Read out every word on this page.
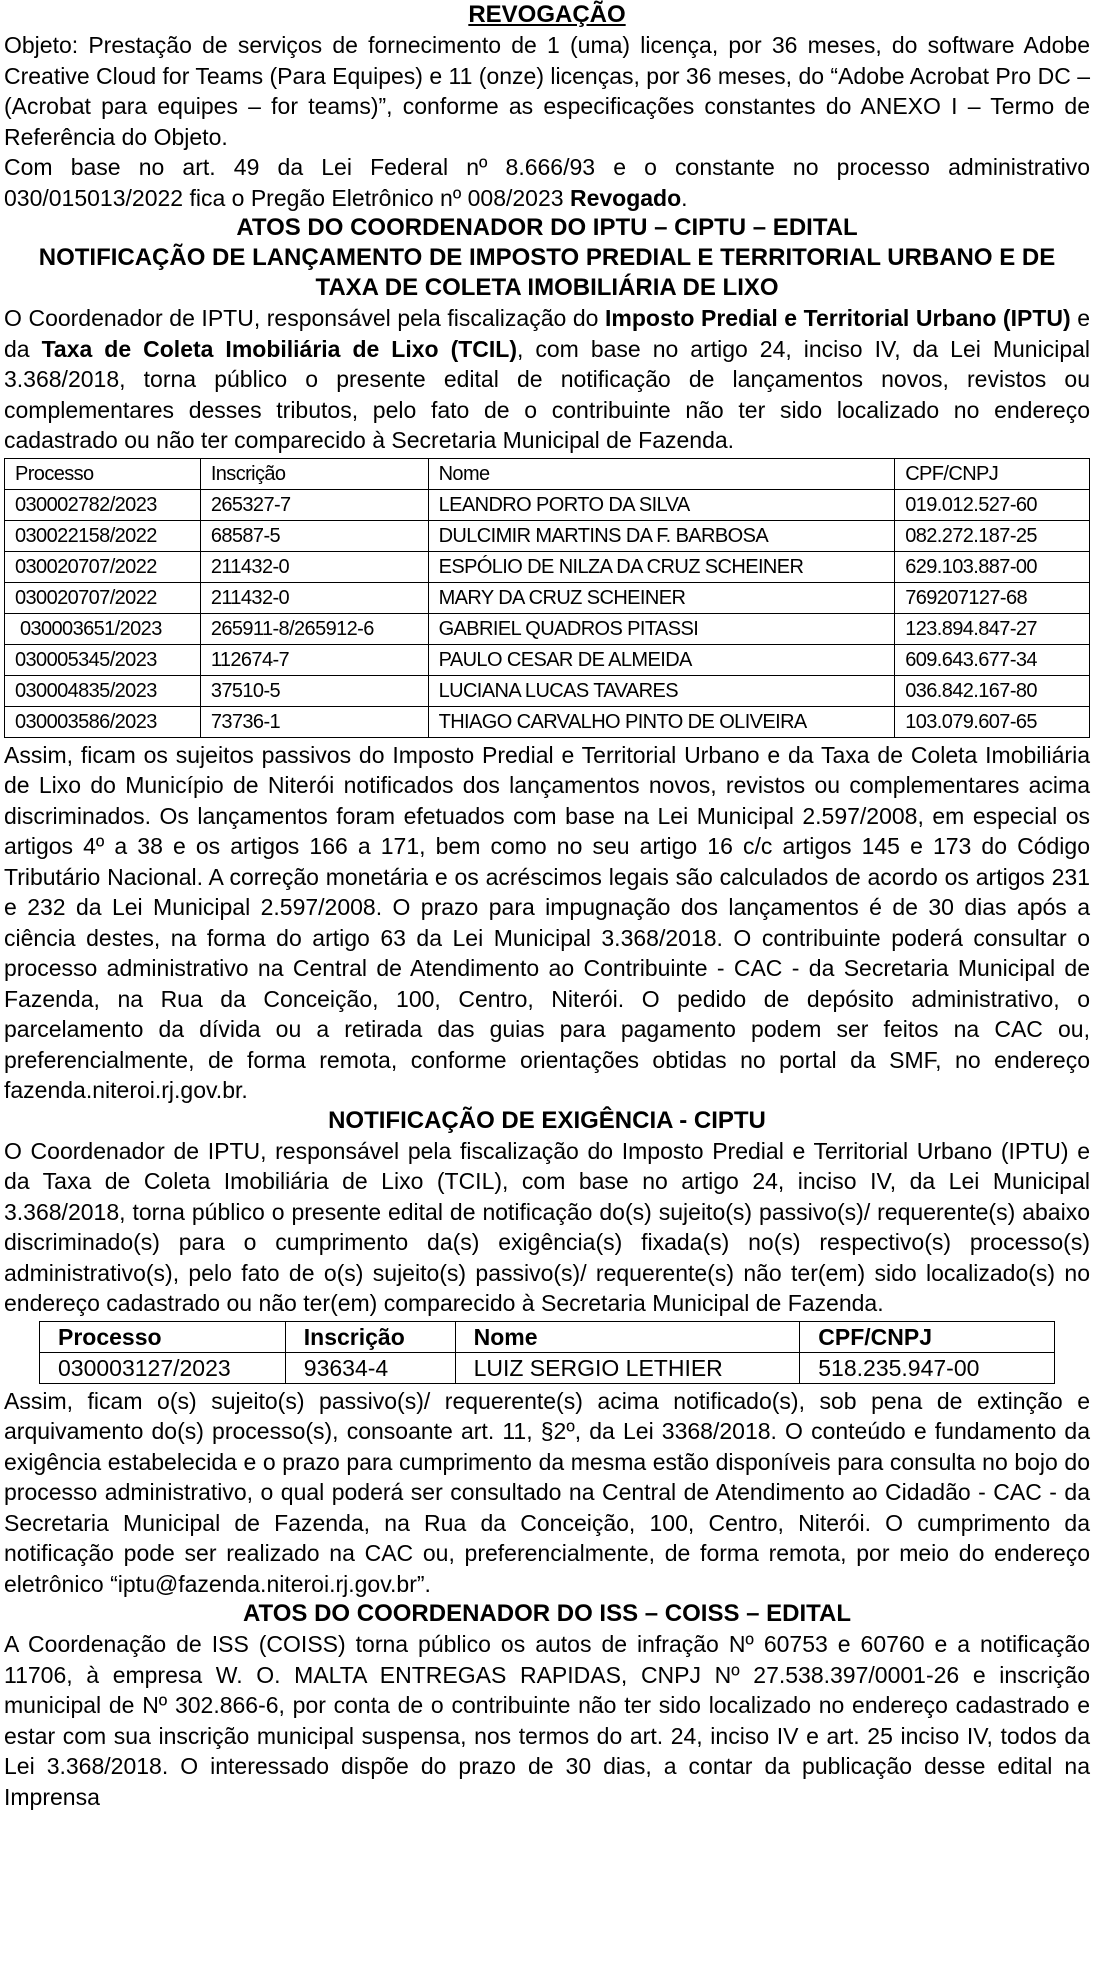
REVOGAÇÃO

Objeto: Prestação de serviços de fornecimento de 1 (uma) licença, por 36 meses, do software Adobe Creative Cloud for Teams (Para Equipes) e 11 (onze) licenças, por 36 meses, do “Adobe Acrobat Pro DC – (Acrobat para equipes – for teams)”, conforme as especificações constantes do ANEXO I – Termo de Referência do Objeto.

Com base no art. 49 da Lei Federal nº 8.666/93 e o constante no processo administrativo 030/015013/2022 fica o Pregão Eletrônico nº 008/2023 Revogado.

ATOS DO COORDENADOR DO IPTU – CIPTU – EDITAL
NOTIFICAÇÃO DE LANÇAMENTO DE IMPOSTO PREDIAL E TERRITORIAL URBANO E DE TAXA DE COLETA IMOBILIÁRIA DE LIXO

O Coordenador de IPTU, responsável pela fiscalização do Imposto Predial e Territorial Urbano (IPTU) e da Taxa de Coleta Imobiliária de Lixo (TCIL), com base no artigo 24, inciso IV, da Lei Municipal 3.368/2018, torna público o presente edital de notificação de lançamentos novos, revistos ou complementares desses tributos, pelo fato de o contribuinte não ter sido localizado no endereço cadastrado ou não ter comparecido à Secretaria Municipal de Fazenda.

Processo	Inscrição	Nome	CPF/CNPJ
030002782/2023	265327-7	LEANDRO PORTO DA SILVA	019.012.527-60
030022158/2022	68587-5	DULCIMIR MARTINS DA F. BARBOSA	082.272.187-25
030020707/2022	211432-0	ESPÓLIO DE NILZA DA CRUZ SCHEINER	629.103.887-00
030020707/2022	211432-0	MARY DA CRUZ SCHEINER	769207127-68
030003651/2023	265911-8/265912-6	GABRIEL QUADROS PITASSI	123.894.847-27
030005345/2023	112674-7	PAULO CESAR DE ALMEIDA	609.643.677-34
030004835/2023	37510-5	LUCIANA LUCAS TAVARES	036.842.167-80
030003586/2023	73736-1	THIAGO CARVALHO PINTO DE OLIVEIRA	103.079.607-65

Assim, ficam os sujeitos passivos do Imposto Predial e Territorial Urbano e da Taxa de Coleta Imobiliária de Lixo do Município de Niterói notificados dos lançamentos novos, revistos ou complementares acima discriminados. Os lançamentos foram efetuados com base na Lei Municipal 2.597/2008, em especial os artigos 4º a 38 e os artigos 166 a 171, bem como no seu artigo 16 c/c artigos 145 e 173 do Código Tributário Nacional. A correção monetária e os acréscimos legais são calculados de acordo os artigos 231 e 232 da Lei Municipal 2.597/2008. O prazo para impugnação dos lançamentos é de 30 dias após a ciência destes, na forma do artigo 63 da Lei Municipal 3.368/2018. O contribuinte poderá consultar o processo administrativo na Central de Atendimento ao Contribuinte - CAC - da Secretaria Municipal de Fazenda, na Rua da Conceição, 100, Centro, Niterói. O pedido de depósito administrativo, o parcelamento da dívida ou a retirada das guias para pagamento podem ser feitos na CAC ou, preferencialmente, de forma remota, conforme orientações obtidas no portal da SMF, no endereço fazenda.niteroi.rj.gov.br.

NOTIFICAÇÃO DE EXIGÊNCIA - CIPTU

O Coordenador de IPTU, responsável pela fiscalização do Imposto Predial e Territorial Urbano (IPTU) e da Taxa de Coleta Imobiliária de Lixo (TCIL), com base no artigo 24, inciso IV, da Lei Municipal 3.368/2018, torna público o presente edital de notificação do(s) sujeito(s) passivo(s)/ requerente(s) abaixo discriminado(s) para o cumprimento da(s) exigência(s) fixada(s) no(s) respectivo(s) processo(s) administrativo(s), pelo fato de o(s) sujeito(s) passivo(s)/ requerente(s) não ter(em) sido localizado(s) no endereço cadastrado ou não ter(em) comparecido à Secretaria Municipal de Fazenda.

Processo	Inscrição	Nome	CPF/CNPJ
030003127/2023	93634-4	LUIZ SERGIO LETHIER	518.235.947-00

Assim, ficam o(s) sujeito(s) passivo(s)/ requerente(s) acima notificado(s), sob pena de extinção e arquivamento do(s) processo(s), consoante art. 11, §2º, da Lei 3368/2018. O conteúdo e fundamento da exigência estabelecida e o prazo para cumprimento da mesma estão disponíveis para consulta no bojo do processo administrativo, o qual poderá ser consultado na Central de Atendimento ao Cidadão - CAC - da Secretaria Municipal de Fazenda, na Rua da Conceição, 100, Centro, Niterói. O cumprimento da notificação pode ser realizado na CAC ou, preferencialmente, de forma remota, por meio do endereço eletrônico “iptu@fazenda.niteroi.rj.gov.br”.

ATOS DO COORDENADOR DO ISS – COISS – EDITAL

A Coordenação de ISS (COISS) torna público os autos de infração Nº 60753 e 60760 e a notificação 11706, à empresa W. O. MALTA ENTREGAS RAPIDAS, CNPJ Nº 27.538.397/0001-26 e inscrição municipal de Nº 302.866-6, por conta de o contribuinte não ter sido localizado no endereço cadastrado e estar com sua inscrição municipal suspensa, nos termos do art. 24, inciso IV e art. 25 inciso IV, todos da Lei 3.368/2018. O interessado dispõe do prazo de 30 dias, a contar da publicação desse edital na Imprensa
